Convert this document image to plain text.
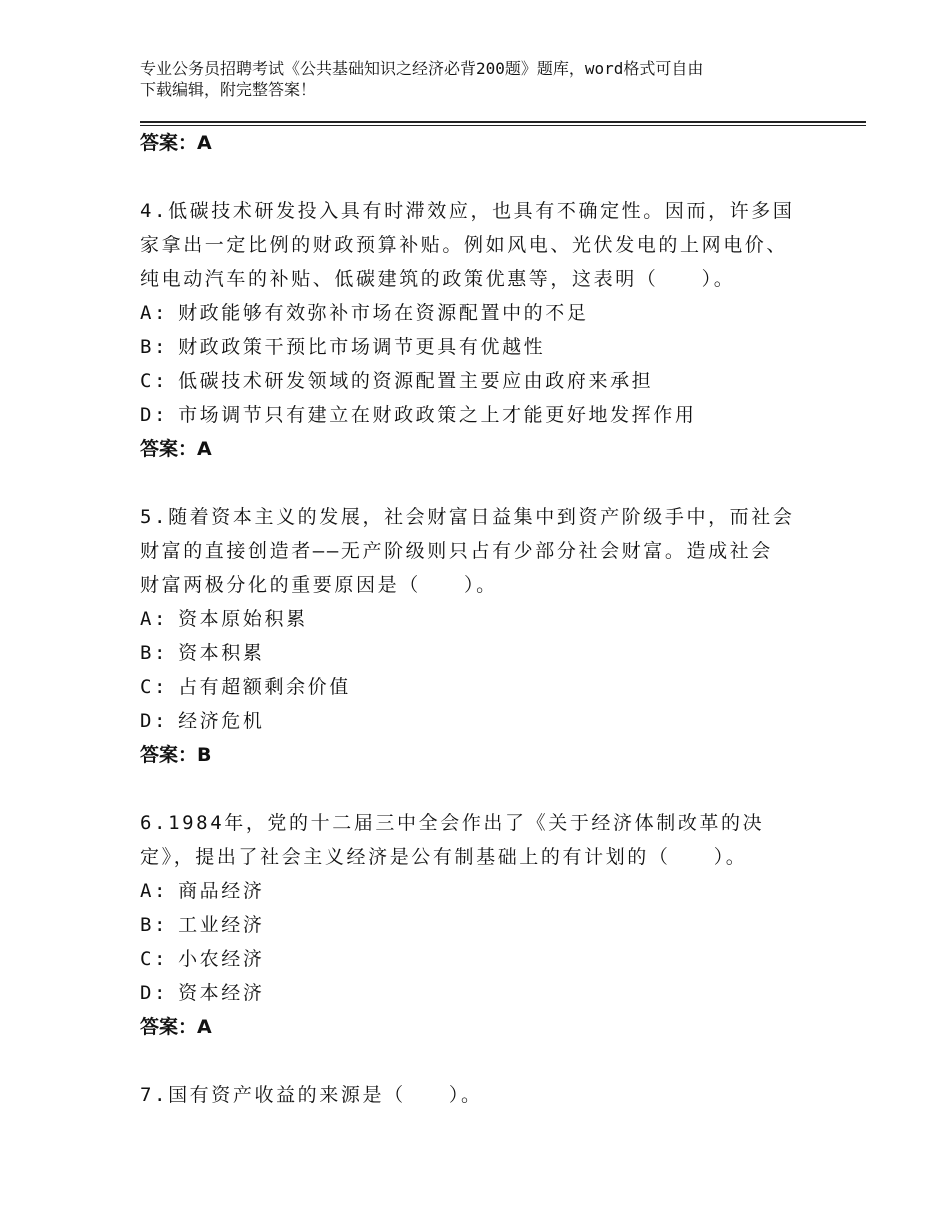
专业公务员招聘考试《公共基础知识之经济必背200题》题库，word格式可自由
下载编辑，附完整答案！
答案：A
4.低碳技术研发投入具有时滞效应，也具有不确定性。因而，许多国
家拿出一定比例的财政预算补贴。例如风电、光伏发电的上网电价、
纯电动汽车的补贴、低碳建筑的政策优惠等，这表明（　　）。
A: 财政能够有效弥补市场在资源配置中的不足
B: 财政政策干预比市场调节更具有优越性
C: 低碳技术研发领域的资源配置主要应由政府来承担
D: 市场调节只有建立在财政政策之上才能更好地发挥作用
答案：A
5.随着资本主义的发展，社会财富日益集中到资产阶级手中，而社会
财富的直接创造者——无产阶级则只占有少部分社会财富。造成社会
财富两极分化的重要原因是（　　）。
A: 资本原始积累
B: 资本积累
C: 占有超额剩余价值
D: 经济危机
答案：B
6.1984年，党的十二届三中全会作出了《关于经济体制改革的决
定》，提出了社会主义经济是公有制基础上的有计划的（　　）。
A: 商品经济
B: 工业经济
C: 小农经济
D: 资本经济
答案：A
7.国有资产收益的来源是（　　）。
